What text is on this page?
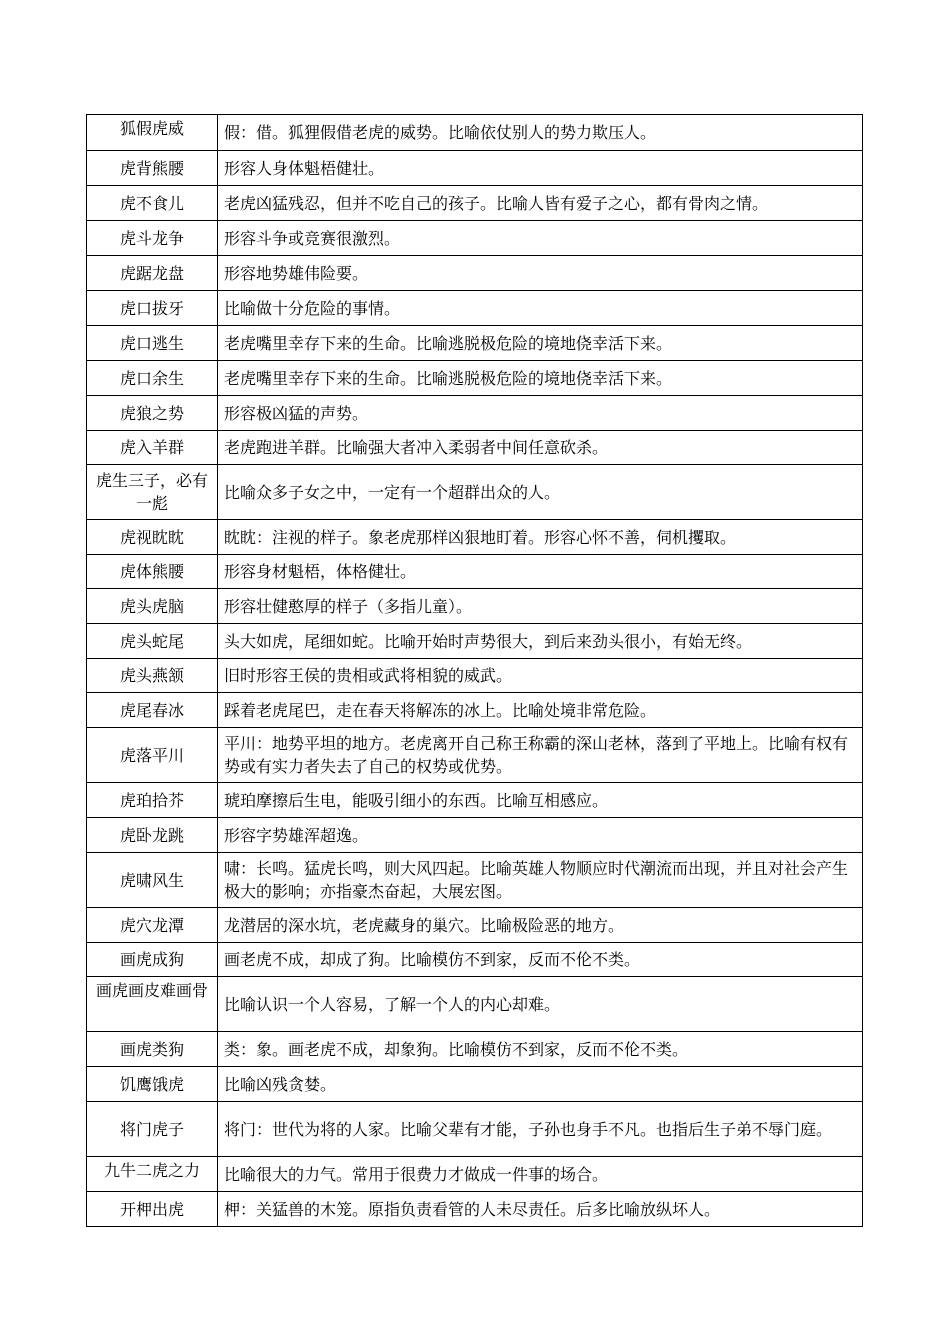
狐假虎威	假：借。狐狸假借老虎的威势。比喻依仗别人的势力欺压人。
虎背熊腰	形容人身体魁梧健壮。
虎不食儿	老虎凶猛残忍，但并不吃自己的孩子。比喻人皆有爱子之心，都有骨肉之情。
虎斗龙争	形容斗争或竞赛很激烈。
虎踞龙盘	形容地势雄伟险要。
虎口拔牙	比喻做十分危险的事情。
虎口逃生	老虎嘴里幸存下来的生命。比喻逃脱极危险的境地侥幸活下来。
虎口余生	老虎嘴里幸存下来的生命。比喻逃脱极危险的境地侥幸活下来。
虎狼之势	形容极凶猛的声势。
虎入羊群	老虎跑进羊群。比喻强大者冲入柔弱者中间任意砍杀。
虎生三子，必有一彪	比喻众多子女之中，一定有一个超群出众的人。
虎视眈眈	眈眈：注视的样子。象老虎那样凶狠地盯着。形容心怀不善，伺机攫取。
虎体熊腰	形容身材魁梧，体格健壮。
虎头虎脑	形容壮健憨厚的样子（多指儿童）。
虎头蛇尾	头大如虎，尾细如蛇。比喻开始时声势很大，到后来劲头很小，有始无终。
虎头燕颔	旧时形容王侯的贵相或武将相貌的威武。
虎尾春冰	踩着老虎尾巴，走在春天将解冻的冰上。比喻处境非常危险。
虎落平川	平川：地势平坦的地方。老虎离开自己称王称霸的深山老林，落到了平地上。比喻有权有势或有实力者失去了自己的权势或优势。
虎珀拾芥	琥珀摩擦后生电，能吸引细小的东西。比喻互相感应。
虎卧龙跳	形容字势雄浑超逸。
虎啸风生	啸：长鸣。猛虎长鸣，则大风四起。比喻英雄人物顺应时代潮流而出现，并且对社会产生极大的影响；亦指豪杰奋起，大展宏图。
虎穴龙潭	龙潜居的深水坑，老虎藏身的巢穴。比喻极险恶的地方。
画虎成狗	画老虎不成，却成了狗。比喻模仿不到家，反而不伦不类。
画虎画皮难画骨	比喻认识一个人容易，了解一个人的内心却难。
画虎类狗	类：象。画老虎不成，却象狗。比喻模仿不到家，反而不伦不类。
饥鹰饿虎	比喻凶残贪婪。
将门虎子	将门：世代为将的人家。比喻父辈有才能，子孙也身手不凡。也指后生子弟不辱门庭。
九牛二虎之力	比喻很大的力气。常用于很费力才做成一件事的场合。
开柙出虎	柙：关猛兽的木笼。原指负责看管的人未尽责任。后多比喻放纵坏人。
